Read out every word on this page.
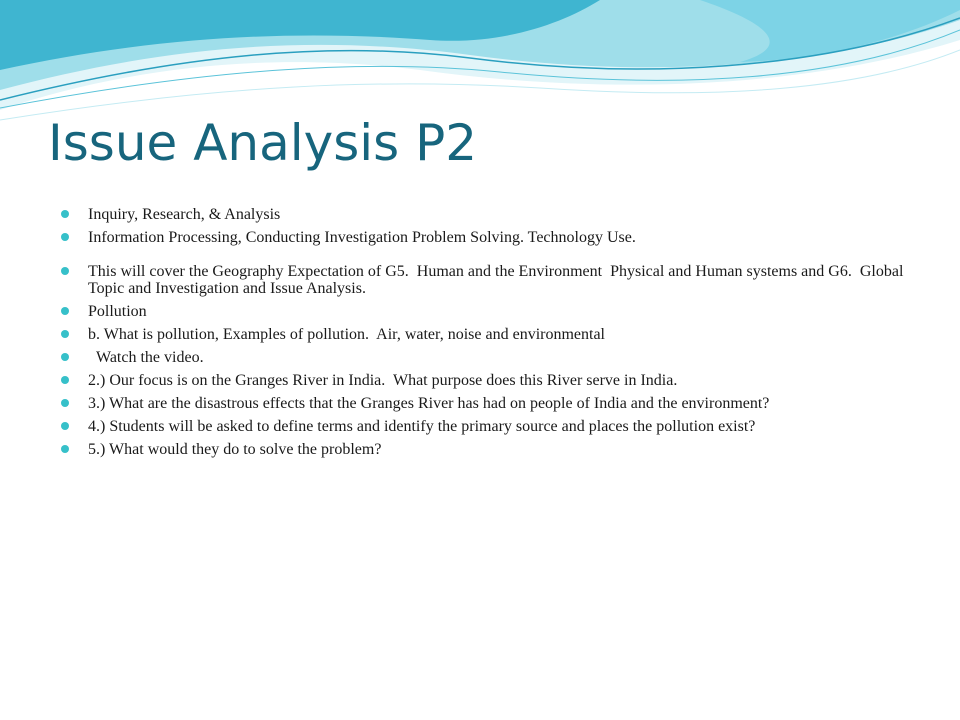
Issue Analysis P2
Inquiry, Research, & Analysis
Information Processing, Conducting Investigation Problem Solving. Technology Use.
This will cover the Geography Expectation of G5.  Human and the Environment  Physical and Human systems and G6.  Global Topic and Investigation and Issue Analysis.
Pollution
b. What is pollution, Examples of pollution.  Air, water, noise and environmental
Watch the video.
2.) Our focus is on the Granges River in India.  What purpose does this River serve in India.
3.) What are the disastrous effects that the Granges River has had on people of India and the environment?
4.) Students will be asked to define terms and identify the primary source and places the pollution exist?
5.) What would they do to solve the problem?
